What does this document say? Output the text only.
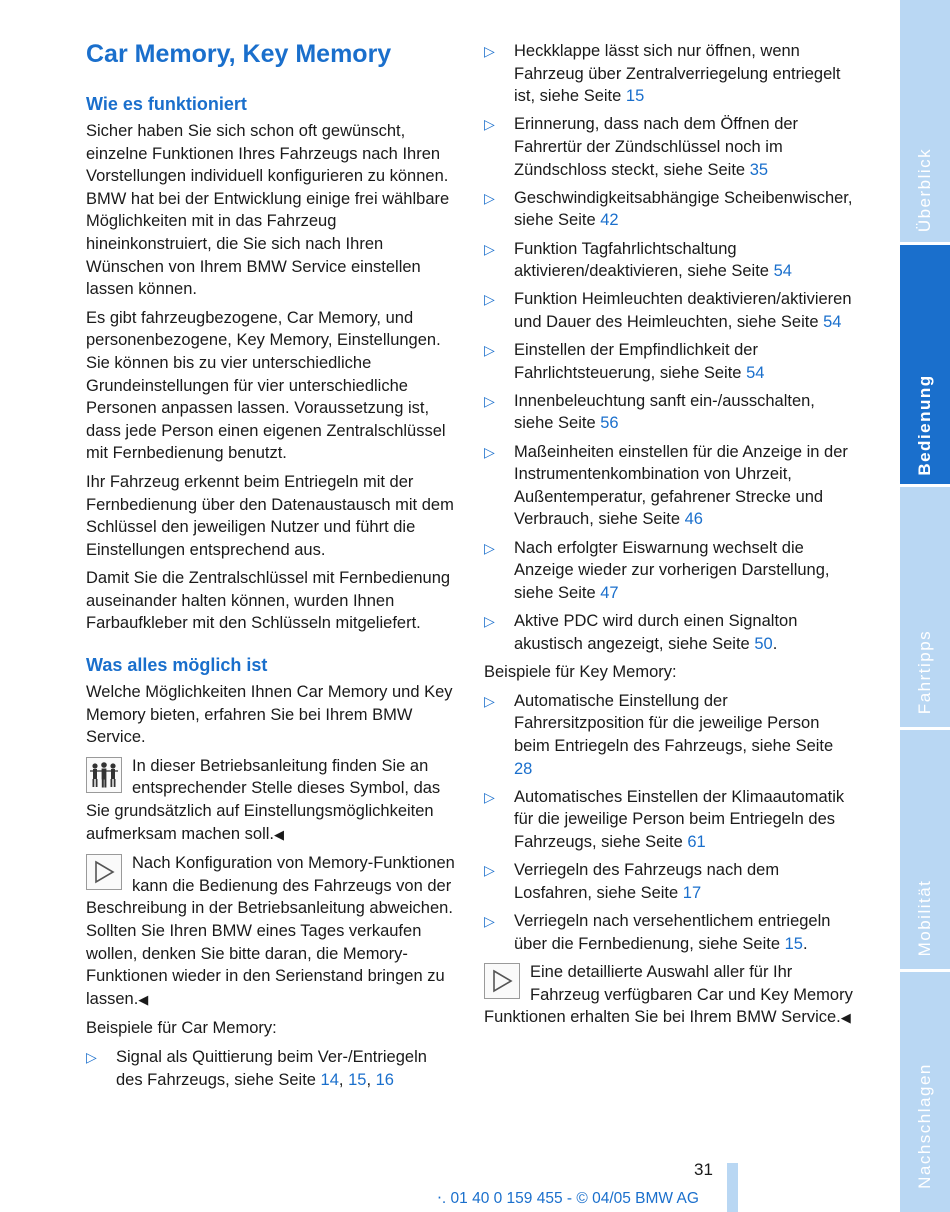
Car Memory, Key Memory
Wie es funktioniert

Sicher haben Sie sich schon oft gewünscht, einzelne Funktionen Ihres Fahrzeugs nach Ihren Vorstellungen individuell konfigurieren zu können. BMW hat bei der Entwicklung einige frei wählbare Möglichkeiten mit in das Fahrzeug hineinkonstruiert, die Sie sich nach Ihren Wünschen von Ihrem BMW Service einstellen lassen können.

Es gibt fahrzeugbezogene, Car Memory, und personenbezogene, Key Memory, Einstellungen. Sie können bis zu vier unterschiedliche Grundeinstellungen für vier unterschiedliche Personen anpassen lassen. Voraussetzung ist, dass jede Person einen eigenen Zentralschlüssel mit Fernbedienung benutzt.

Ihr Fahrzeug erkennt beim Entriegeln mit der Fernbedienung über den Datenaustausch mit dem Schlüssel den jeweiligen Nutzer und führt die Einstellungen entsprechend aus.

Damit Sie die Zentralschlüssel mit Fernbedienung auseinander halten können, wurden Ihnen Farbaufkleber mit den Schlüsseln mitgeliefert.

Was alles möglich ist

Welche Möglichkeiten Ihnen Car Memory und Key Memory bieten, erfahren Sie bei Ihrem BMW Service.

In dieser Betriebsanleitung finden Sie an entsprechender Stelle dieses Symbol, das Sie grundsätzlich auf Einstellungsmöglichkeiten aufmerksam machen soll.◀
Nach Konfiguration von Memory-Funktionen kann die Bedienung des Fahrzeugs von der Beschreibung in der Betriebsanleitung abweichen. Sollten Sie Ihren BMW eines Tages verkaufen wollen, denken Sie bitte daran, die Memory-Funktionen wieder in den Serienstand bringen zu lassen.◀

Beispiele für Car Memory:

▷ Signal als Quittierung beim Ver-/Entriegeln des Fahrzeugs, siehe Seite 14, 15, 16
▷ Heckklappe lässt sich nur öffnen, wenn Fahrzeug über Zentralverriegelung entriegelt ist, siehe Seite 15
▷ Erinnerung, dass nach dem Öffnen der Fahrertür der Zündschlüssel noch im Zündschloss steckt, siehe Seite 35
▷ Geschwindigkeitsabhängige Scheibenwischer, siehe Seite 42
▷ Funktion Tagfahrlichtschaltung aktivieren/deaktivieren, siehe Seite 54
▷ Funktion Heimleuchten deaktivieren/aktivieren und Dauer des Heimleuchten, siehe Seite 54
▷ Einstellen der Empfindlichkeit der Fahrlichtsteuerung, siehe Seite 54
▷ Innenbeleuchtung sanft ein-/ausschalten, siehe Seite 56
▷ Maßeinheiten einstellen für die Anzeige in der Instrumentenkombination von Uhrzeit, Außentemperatur, gefahrener Strecke und Verbrauch, siehe Seite 46
▷ Nach erfolgter Eiswarnung wechselt die Anzeige wieder zur vorherigen Darstellung, siehe Seite 47
▷ Aktive PDC wird durch einen Signalton akustisch angezeigt, siehe Seite 50.

Beispiele für Key Memory:

▷ Automatische Einstellung der Fahrersitzposition für die jeweilige Person beim Entriegeln des Fahrzeugs, siehe Seite 28
▷ Automatisches Einstellen der Klimaautomatik für die jeweilige Person beim Entriegeln des Fahrzeugs, siehe Seite 61
▷ Verriegeln des Fahrzeugs nach dem Losfahren, siehe Seite 17
▷ Verriegeln nach versehentlichem entriegeln über die Fernbedienung, siehe Seite 15.
Eine detaillierte Auswahl aller für Ihr Fahrzeug verfügbaren Car und Key Memory Funktionen erhalten Sie bei Ihrem BMW Service.◀
Überblick
Bedienung
Fahrtipps
Mobilität
Nachschlagen
31
‧. 01 40 0 159 455 - © 04/05 BMW AG
